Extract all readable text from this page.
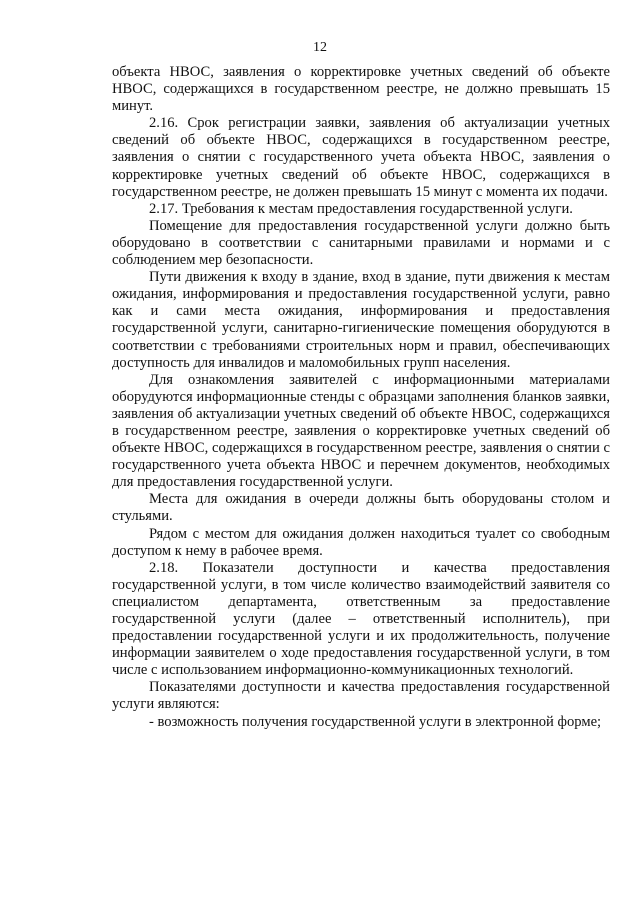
12

объекта НВОС, заявления о корректировке учетных сведений об объекте НВОС, содержащихся в государственном реестре, не должно превышать 15 минут.

2.16. Срок регистрации заявки, заявления об актуализации учетных сведений об объекте НВОС, содержащихся в государственном реестре, заявления о снятии с государственного учета объекта НВОС, заявления о корректировке учетных сведений об объекте НВОС, содержащихся в государственном реестре, не должен превышать 15 минут с момента их подачи.

2.17. Требования к местам предоставления государственной услуги.

Помещение для предоставления государственной услуги должно быть оборудовано в соответствии с санитарными правилами и нормами и с соблюдением мер безопасности.

Пути движения к входу в здание, вход в здание, пути движения к местам ожидания, информирования и предоставления государственной услуги, равно как и сами места ожидания, информирования и предоставления государственной услуги, санитарно-гигиенические помещения оборудуются в соответствии с требованиями строительных норм и правил, обеспечивающих доступность для инвалидов и маломобильных групп населения.

Для ознакомления заявителей с информационными материалами оборудуются информационные стенды с образцами заполнения бланков заявки, заявления об актуализации учетных сведений об объекте НВОС, содержащихся в государственном реестре, заявления о корректировке учетных сведений об объекте НВОС, содержащихся в государственном реестре, заявления о снятии с государственного учета объекта НВОС и перечнем документов, необходимых для предоставления государственной услуги.

Места для ожидания в очереди должны быть оборудованы столом и стульями.

Рядом с местом для ожидания должен находиться туалет со свободным доступом к нему в рабочее время.

2.18. Показатели доступности и качества предоставления государственной услуги, в том числе количество взаимодействий заявителя со специалистом департамента, ответственным за предоставление государственной услуги (далее – ответственный исполнитель), при предоставлении государственной услуги и их продолжительность, получение информации заявителем о ходе предоставления государственной услуги, в том числе с использованием информационно-коммуникационных технологий.

Показателями доступности и качества предоставления государственной услуги являются:

- возможность получения государственной услуги в электронной форме;
